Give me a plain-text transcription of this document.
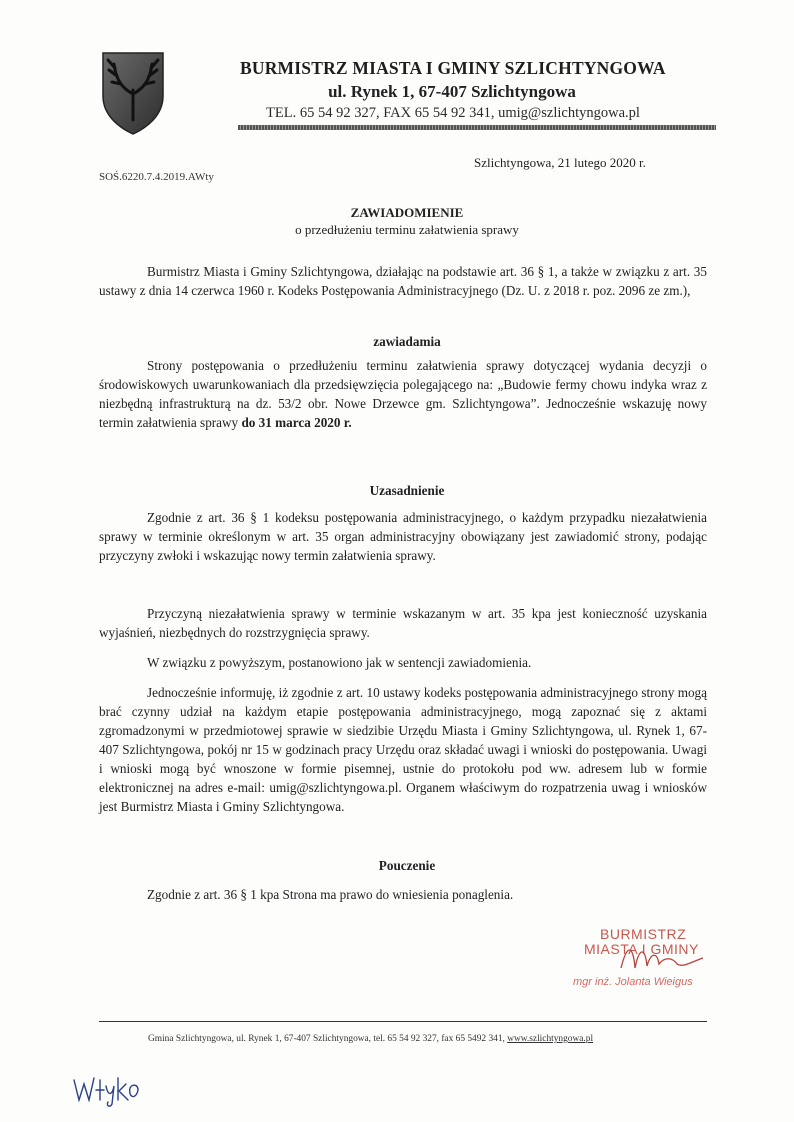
BURMISTRZ MIASTA I GMINY SZLICHTYNGOWA
ul. Rynek 1, 67-407 Szlichtyngowa
TEL. 65 54 92 327, FAX 65 54 92 341, umig@szlichtyngowa.pl
Szlichtyngowa, 21 lutego 2020 r.
SOŚ.6220.7.4.2019.AWty
ZAWIADOMIENIE
o przedłużeniu terminu załatwienia sprawy
Burmistrz Miasta i Gminy Szlichtyngowa, działając na podstawie art. 36 § 1, a także w związku z art. 35 ustawy z dnia 14 czerwca 1960 r. Kodeks Postępowania Administracyjnego (Dz. U. z 2018 r. poz. 2096 ze zm.),
zawiadamia
Strony postępowania o przedłużeniu terminu załatwienia sprawy dotyczącej wydania decyzji o środowiskowych uwarunkowaniach dla przedsięwzięcia polegającego na: „Budowie fermy chowu indyka wraz z niezbędną infrastrukturą na dz. 53/2 obr. Nowe Drzewce gm. Szlichtyngowa”. Jednocześnie wskazuję nowy termin załatwienia sprawy do 31 marca 2020 r.
Uzasadnienie
Zgodnie z art. 36 § 1 kodeksu postępowania administracyjnego, o każdym przypadku niezałatwienia sprawy w terminie określonym w art. 35 organ administracyjny obowiązany jest zawiadomić strony, podając przyczyny zwłoki i wskazując nowy termin załatwienia sprawy.
Przyczyną niezałatwienia sprawy w terminie wskazanym w art. 35 kpa jest konieczność uzyskania wyjaśnień, niezbędnych do rozstrzygnięcia sprawy.
W związku z powyższym, postanowiono jak w sentencji zawiadomienia.
Jednocześnie informuję, iż zgodnie z art. 10 ustawy kodeks postępowania administracyjnego strony mogą brać czynny udział na każdym etapie postępowania administracyjnego, mogą zapoznać się z aktami zgromadzonymi w przedmiotowej sprawie w siedzibie Urzędu Miasta i Gminy Szlichtyngowa, ul. Rynek 1, 67-407 Szlichtyngowa, pokój nr 15 w godzinach pracy Urzędu oraz składać uwagi i wnioski do postępowania. Uwagi i wnioski mogą być wnoszone w formie pisemnej, ustnie do protokołu pod ww. adresem lub w formie elektronicznej na adres e-mail: umig@szlichtyngowa.pl. Organem właściwym do rozpatrzenia uwag i wniosków jest Burmistrz Miasta i Gminy Szlichtyngowa.
Pouczenie
Zgodnie z art. 36 § 1 kpa Strona ma prawo do wniesienia ponaglenia.
BURMISTRZ
MIASTA I GMINY
mgr inż. Jolanta Wieigus
Gmina Szlichtyngowa, ul. Rynek 1, 67-407 Szlichtyngowa, tel. 65 54 92 327, fax 65 5492 341, www.szlichtyngowa.pl
